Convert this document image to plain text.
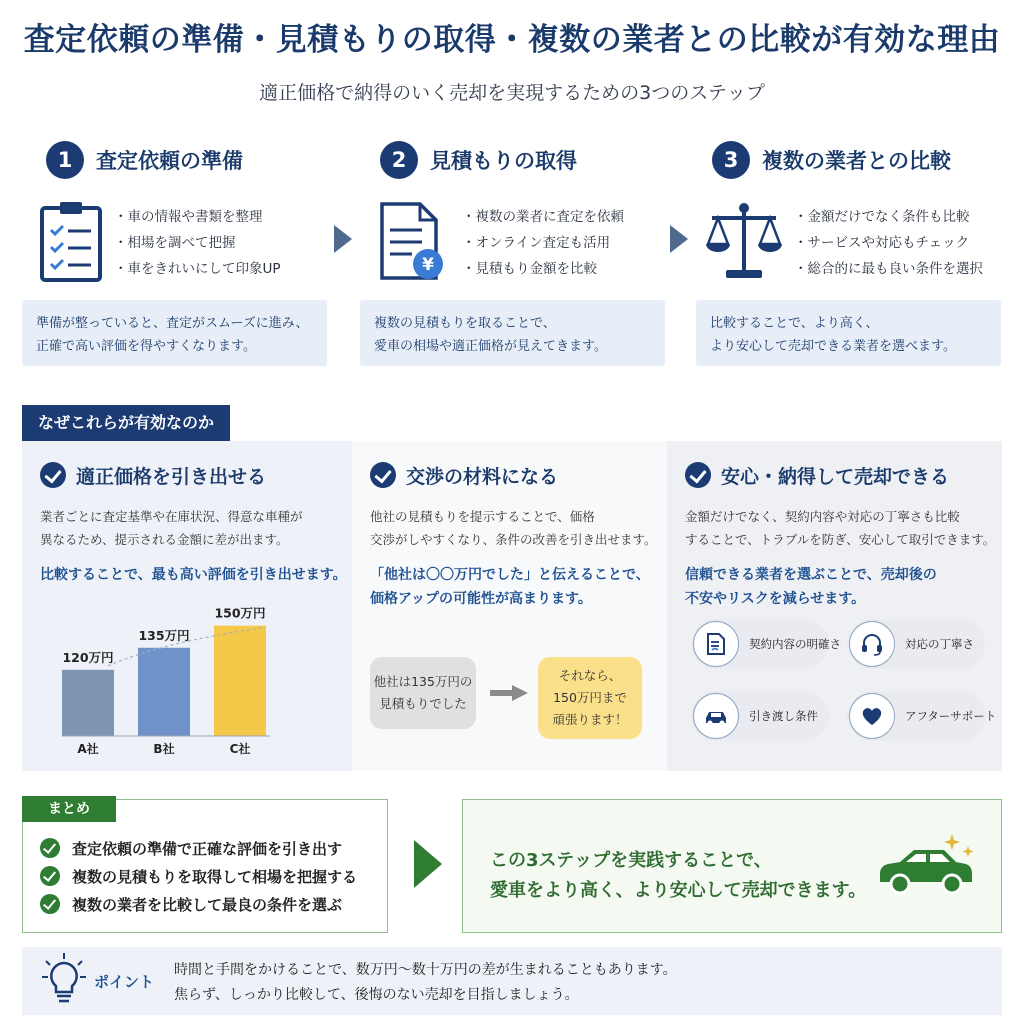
査定依頼の準備・見積もりの取得・複数の業者との比較が有効な理由
適正価格で納得のいく売却を実現するための3つのステップ
1	査定依頼の準備
・ 車の情報や書類を整理
・ 相場を調べて把握
・ 車をきれいにして印象UP
準備が整っていると、査定がスムーズに進み、
正確で高い評価を得やすくなります。
2	見積もりの取得
¥
・ 複数の業者に査定を依頼
・ オンライン査定も活用
・ 見積もり金額を比較
複数の見積もりを取ることで、
愛車の相場や適正価格が見えてきます。
3	複数の業者との比較
・ 金額だけでなく条件も比較
・ サービスや対応もチェック
・ 総合的に最も良い条件を選択
比較することで、より高く、
より安心して売却できる業者を選べます。
なぜこれらが有効なのか
適正価格を引き出せる
業者ごとに査定基準や在庫状況、得意な車種が
異なるため、提示される金額に差が出ます。
比較することで、最も高い評価を引き出せます。
120万円
A社
135万円
B社
150万円
C社
交渉の材料になる
他社の見積もりを提示することで、価格
交渉がしやすくなり、条件の改善を引き出せます。
「他社は〇〇万円でした」と伝えることで、
価格アップの可能性が高まります。
他社は135万円の
見積もりでした
それなら、
150万円まで
頑張ります！
安心・納得して売却できる
金額だけでなく、契約内容や対応の丁寧さも比較
することで、トラブルを防ぎ、安心して取引できます。
信頼できる業者を選ぶことで、売却後の
不安やリスクを減らせます。
契約内容の明確さ	対応の丁寧さ
引き渡し条件	アフターサポート
まとめ
査定依頼の準備で正確な評価を引き出す
複数の見積もりを取得して相場を把握する
複数の業者を比較して最良の条件を選ぶ
この3ステップを実践することで、
愛車をより高く、より安心して売却できます。
ポイント
時間と手間をかけることで、数万円～数十万円の差が生まれることもあります。
焦らず、しっかり比較して、後悔のない売却を目指しましょう。
